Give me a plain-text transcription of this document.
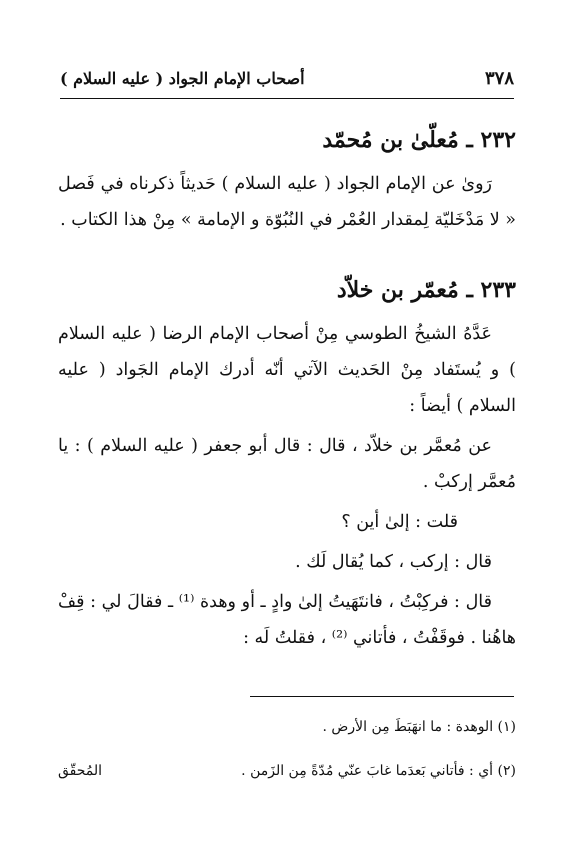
٣٧٨
أصحاب الإمام الجواد ( عليه السلام )
٢٣٢ ـ مُعلّىٰ بن مُحمّد

رَوىٰ عن الإمام الجواد ( عليه السلام ) حَديثاً ذكرناه في فَصل « لا مَدْخَليّة لِمقدار العُمْر في النُبُوّة و الإمامة » مِنْ هذا الكتاب .

٢٣٣ ـ مُعمّر بن خلاّد

عَدَّهُ الشيخُ الطوسي مِنْ أصحاب الإمام الرضا ( عليه السلام ) و يُستَفاد مِنْ الحَديث الآتي أنّه أدرك الإمام الجَواد ( عليه السلام ) أيضاً :

عن مُعمَّر بن خلاّد ، قال : قال أبو جعفر ( عليه السلام ) : يا مُعمَّر إركبْ .

قلت : إلىٰ أين ؟

قال : إركب ، كما يُقال لَك .

قال : فركِبْتُ ، فانتَهَيتُ إلىٰ وادٍ ـ أو وهدة ⁽¹⁾ ـ فقالَ لي : قِفْ هاهُنا . فوقَفْتُ ، فأتاني ⁽²⁾ ، فقلتُ لَه :

(١) الوهدة : ما انهَبَطَ مِن الأرض .
(٢) أي : فأتاني بَعدَما غابَ عنّي مُدّةً مِن الزَمن .
المُحقّق
